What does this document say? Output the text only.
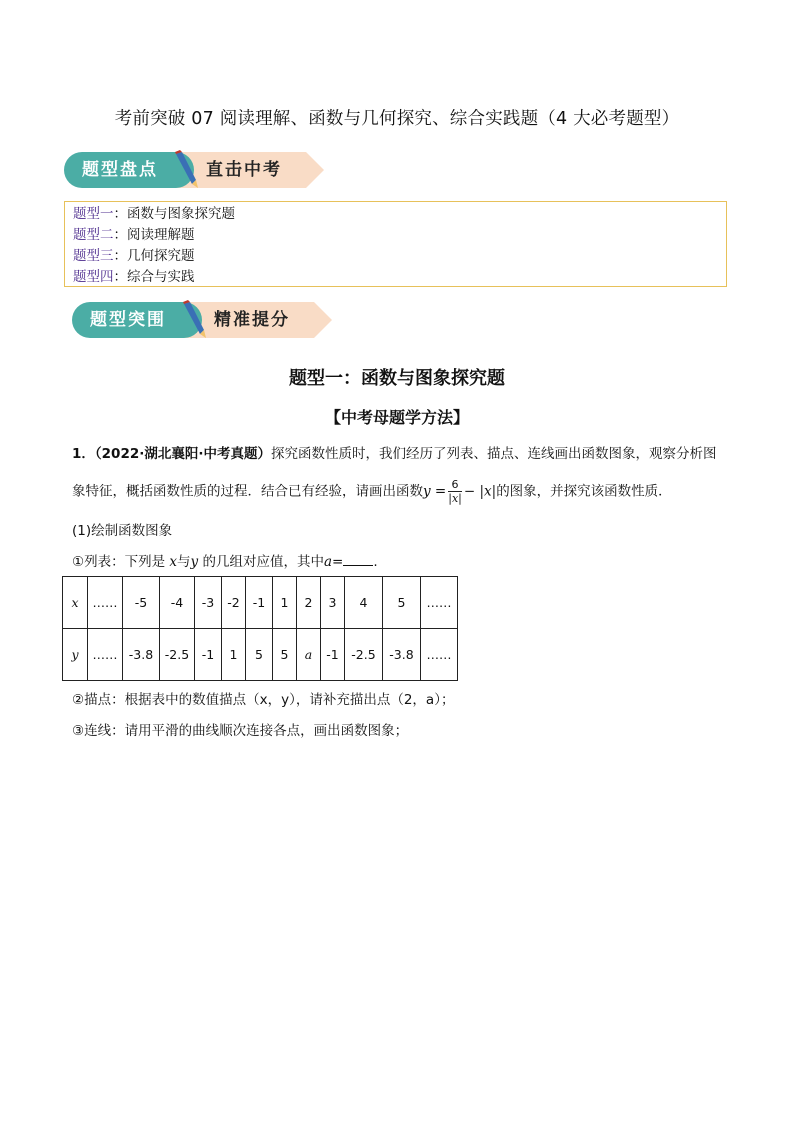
考前突破 07 阅读理解、函数与几何探究、综合实践题（4 大必考题型）
题型盘点	直击中考
题型一：函数与图象探究题
题型二：阅读理解题
题型三：几何探究题
题型四：综合与实践
题型突围	精准提分
题型一：函数与图象探究题
【中考母题学方法】
1．（2022·湖北襄阳·中考真题）探究函数性质时，我们经历了列表、描点、连线画出函数图象，观察分析图
象特征，概括函数性质的过程．结合已有经验，请画出函数$y = \frac{6}{|x|} - |x|$的图象，并探究该函数性质．
(1)绘制函数图象
①列表：下列是 x与y 的几组对应值，其中a= .
x	……	-5	-4	-3	-2	-1	1	2	3	4	5	……
y	……	-3.8	-2.5	-1	1	5	5	a	-1	-2.5	-3.8	……
②描点：根据表中的数值描点（x，y），请补充描出点（2，a）；
③连线：请用平滑的曲线顺次连接各点，画出函数图象；
